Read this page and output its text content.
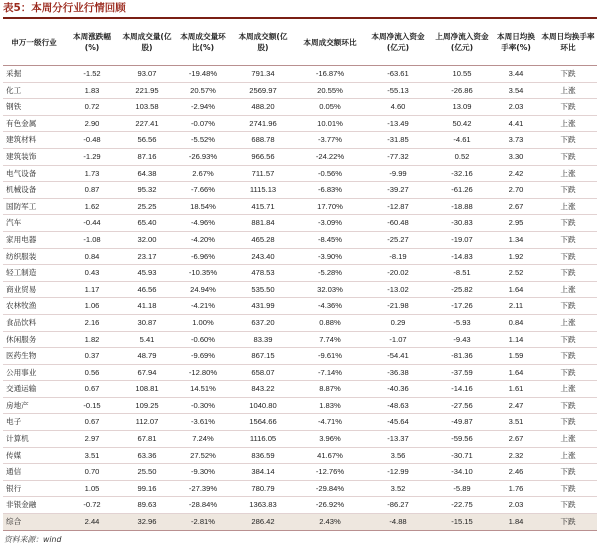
表5：本周分行业行情回顾
申万一级行业	本周涨跌幅(%)	本周成交量(亿股)	本周成交量环比(%)	本周成交额(亿股)	本周成交额环比	本周净流入资金(亿元)	上周净流入资金(亿元)	本周日均换手率(%)	本周日均换手率环比
采掘	-1.52	93.07	-19.48%	791.34	-16.87%	-63.61	10.55	3.44	下跌
化工	1.83	221.95	20.57%	2569.97	20.55%	-55.13	-26.86	3.54	上涨
钢铁	0.72	103.58	-2.94%	488.20	0.05%	4.60	13.09	2.03	下跌
有色金属	2.90	227.41	-0.07%	2741.96	10.01%	-13.49	50.42	4.41	上涨
建筑材料	-0.48	56.56	-5.52%	688.78	-3.77%	-31.85	-4.61	3.73	下跌
建筑装饰	-1.29	87.16	-26.93%	966.56	-24.22%	-77.32	0.52	3.30	下跌
电气设备	1.73	64.38	2.67%	711.57	-0.56%	-9.99	-32.16	2.42	上涨
机械设备	0.87	95.32	-7.66%	1115.13	-6.83%	-39.27	-61.26	2.70	下跌
国防军工	1.62	25.25	18.54%	415.71	17.70%	-12.87	-18.88	2.67	上涨
汽车	-0.44	65.40	-4.96%	881.84	-3.09%	-60.48	-30.83	2.95	下跌
家用电器	-1.08	32.00	-4.20%	465.28	-8.45%	-25.27	-19.07	1.34	下跌
纺织服装	0.84	23.17	-6.96%	243.40	-3.90%	-8.19	-14.83	1.92	下跌
轻工制造	0.43	45.93	-10.35%	478.53	-5.28%	-20.02	-8.51	2.52	下跌
商业贸易	1.17	46.56	24.94%	535.50	32.03%	-13.02	-25.82	1.64	上涨
农林牧渔	1.06	41.18	-4.21%	431.99	-4.36%	-21.98	-17.26	2.11	下跌
食品饮料	2.16	30.87	1.00%	637.20	0.88%	0.29	-5.93	0.84	上涨
休闲服务	1.82	5.41	-0.60%	83.39	7.74%	-1.07	-9.43	1.14	下跌
医药生物	0.37	48.79	-9.69%	867.15	-9.61%	-54.41	-81.36	1.59	下跌
公用事业	0.56	67.94	-12.80%	658.07	-7.14%	-36.38	-37.59	1.64	下跌
交通运输	0.67	108.81	14.51%	843.22	8.87%	-40.36	-14.16	1.61	上涨
房地产	-0.15	109.25	-0.30%	1040.80	1.83%	-48.63	-27.56	2.47	下跌
电子	0.67	112.07	-3.61%	1564.66	-4.71%	-45.64	-49.87	3.51	下跌
计算机	2.97	67.81	7.24%	1116.05	3.96%	-13.37	-59.56	2.67	上涨
传媒	3.51	63.36	27.52%	836.59	41.67%	3.56	-30.71	2.32	上涨
通信	0.70	25.50	-9.30%	384.14	-12.76%	-12.99	-34.10	2.46	下跌
银行	1.05	99.16	-27.39%	780.79	-29.84%	3.52	-5.89	1.76	下跌
非银金融	-0.72	89.63	-28.84%	1363.83	-26.92%	-86.27	-22.75	2.03	下跌
综合	2.44	32.96	-2.81%	286.42	2.43%	-4.88	-15.15	1.84	下跌
资料来源：wind
